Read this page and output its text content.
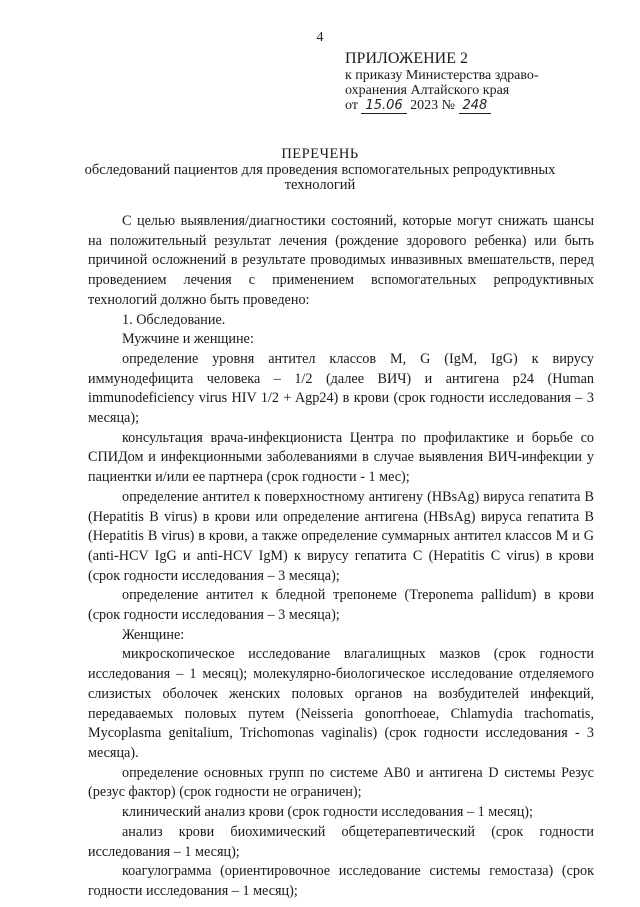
4
ПРИЛОЖЕНИЕ 2
к приказу Министерства здраво-
охранения Алтайского края
от 15.06 2023 № 248
ПЕРЕЧЕНЬ
обследований пациентов для проведения вспомогательных репродуктивных технологий

С целью выявления/диагностики состояний, которые могут снижать шансы на положительный результат лечения (рождение здорового ребенка) или быть причиной осложнений в результате проводимых инвазивных вмешательств, перед проведением лечения с применением вспомогательных репродуктивных технологий должно быть проведено:

1. Обследование.

Мужчине и женщине:

определение уровня антител классов M, G (IgM, IgG) к вирусу иммунодефицита человека – 1/2 (далее ВИЧ) и антигена p24 (Human immunodeficiency virus HIV 1/2 + Agp24) в крови (срок годности исследования – 3 месяца);

консультация врача-инфекциониста Центра по профилактике и борьбе со СПИДом и инфекционными заболеваниями в случае выявления ВИЧ-инфекции у пациентки и/или ее партнера (срок годности - 1 мес);

определение антител к поверхностному антигену (HBsAg) вируса гепатита B (Hepatitis B virus) в крови или определение антигена (HBsAg) вируса гепатита B (Hepatitis B virus) в крови, а также определение суммарных антител классов M и G (anti-HCV IgG и anti-HCV IgM) к вирусу гепатита C (Hepatitis C virus) в крови (срок годности исследования – 3 месяца);

определение антител к бледной трепонеме (Treponema pallidum) в крови (срок годности исследования – 3 месяца);

Женщине:

микроскопическое исследование влагалищных мазков (срок годности исследования – 1 месяц); молекулярно-биологическое исследование отделяемого слизистых оболочек женских половых органов на возбудителей инфекций, передаваемых половых путем (Neisseria gonorrhoeae, Chlamydia trachomatis, Mycoplasma genitalium, Trichomonas vaginalis) (срок годности исследования - 3 месяца).

определение основных групп по системе AB0 и антигена D системы Резус (резус фактор) (срок годности не ограничен);

клинический анализ крови (срок годности исследования – 1 месяц);

анализ крови биохимический общетерапевтический (срок годности исследования – 1 месяц);

коагулограмма (ориентировочное исследование системы гемостаза) (срок годности исследования – 1 месяц);
